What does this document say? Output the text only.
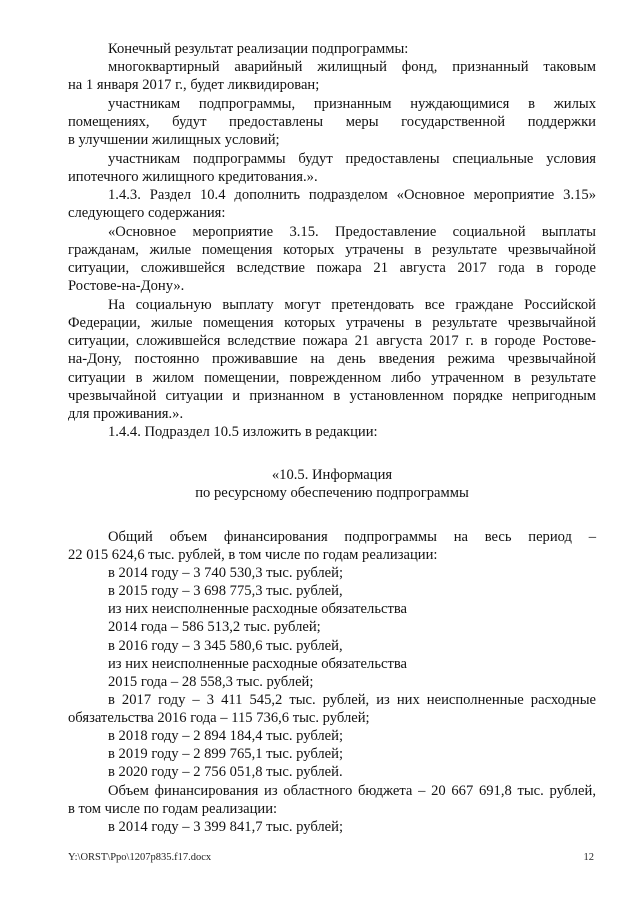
Конечный результат реализации подпрограммы:
многоквартирный аварийный жилищный фонд, признанный таковым
на 1 января 2017 г., будет ликвидирован;
участникам подпрограммы, признанным нуждающимися в жилых
помещениях, будут предоставлены меры государственной поддержки
в улучшении жилищных условий;
участникам подпрограммы будут предоставлены специальные условия
ипотечного жилищного кредитования.».
1.4.3. Раздел 10.4 дополнить подразделом «Основное мероприятие 3.15»
следующего содержания:
«Основное мероприятие 3.15. Предоставление социальной выплаты
гражданам, жилые помещения которых утрачены в результате чрезвычайной
ситуации, сложившейся вследствие пожара 21 августа 2017 года в городе
Ростове-на-Дону».
На социальную выплату могут претендовать все граждане Российской
Федерации, жилые помещения которых утрачены в результате чрезвычайной
ситуации, сложившейся вследствие пожара 21 августа 2017 г. в городе Ростове-
на-Дону, постоянно проживавшие на день введения режима чрезвычайной
ситуации в жилом помещении, поврежденном либо утраченном в результате
чрезвычайной ситуации и признанном в установленном порядке непригодным
для проживания.».
1.4.4. Подраздел 10.5 изложить в редакции:
«10.5. Информация
по ресурсному обеспечению подпрограммы
Общий объем финансирования подпрограммы на весь период –
22 015 624,6 тыс. рублей, в том числе по годам реализации:
в 2014 году – 3 740 530,3 тыс. рублей;
в 2015 году – 3 698 775,3 тыс. рублей,
из них неисполненные расходные обязательства
2014 года – 586 513,2 тыс. рублей;
в 2016 году – 3 345 580,6 тыс. рублей,
из них неисполненные расходные обязательства
2015 года – 28 558,3 тыс. рублей;
в 2017 году – 3 411 545,2 тыс. рублей, из них неисполненные расходные
обязательства 2016 года – 115 736,6 тыс. рублей;
в 2018 году – 2 894 184,4 тыс. рублей;
в 2019 году – 2 899 765,1 тыс. рублей;
в 2020 году – 2 756 051,8 тыс. рублей.
Объем финансирования из областного бюджета – 20 667 691,8 тыс. рублей,
в том числе по годам реализации:
в 2014 году – 3 399 841,7 тыс. рублей;
Y:\ORST\Ppo\1207p835.f17.docx	12
